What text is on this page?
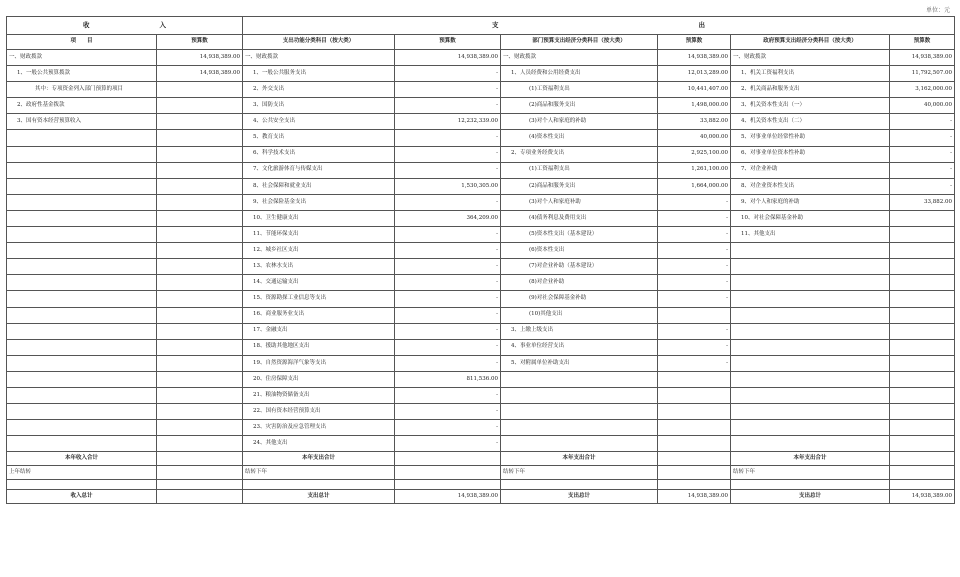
单位：元
收 入		支 出					
项　　目	预算数	支出功能分类科目（按大类）	预算数	部门预算支出经济分类科目（按大类）	预算数	政府预算支出经济分类科目（按大类）	预算数
一、财政拨款	14,938,389.00	一、财政拨款	14,938,389.00	一、财政拨款	14,938,389.00	一、财政拨款	14,938,389.00
1、一般公共预算拨款	14,938,389.00	1、一般公共服务支出	-	1、人员经费和公用经费支出	12,013,289.00	1、机关工资福利支出	11,792,507.00
其中：专项资金列入部门预算的项目		2、外交支出	-	(1)工资福利支出	10,441,407.00	2、机关商品和服务支出	3,162,000.00
2、政府性基金拨款		3、国防支出	-	(2)商品和服务支出	1,498,000.00	3、机关资本性支出（一）	40,000.00
3、国有资本经营预算收入		4、公共安全支出	12,232,339.00	(3)对个人和家庭的补助	33,882.00	4、机关资本性支出（二）	-
		5、教育支出	-	(4)资本性支出	40,000.00	5、对事业单位经常性补助	-
		6、科学技术支出	-	2、专项业务经费支出	2,925,100.00	6、对事业单位资本性补助	-
		7、文化旅游体育与传媒支出	-	(1)工资福利支出	1,261,100.00	7、对企业补助	-
		8、社会保障和就业支出	1,530,305.00	(2)商品和服务支出	1,664,000.00	8、对企业资本性支出	-
		9、社会保险基金支出	-	(3)对个人和家庭补助	-	9、对个人和家庭的补助	33,882.00
		10、卫生健康支出	364,209.00	(4)债务利息及费用支出	-	10、对社会保障基金补助	
		11、节能环保支出	-	(5)资本性支出（基本建设）	-	11、其他支出	
		12、城乡社区支出	-	(6)资本性支出	-		
		13、农林水支出	-	(7)对企业补助（基本建设）	-		
		14、交通运输支出	-	(8)对企业补助	-		
		15、资源勘探工业信息等支出	-	(9)对社会保障基金补助	-		
		16、商业服务业支出	-	(10)其他支出			
		17、金融支出	-	3、上缴上级支出	-		
		18、援助其他地区支出	-	4、事业单位经营支出	-		
		19、自然资源海洋气象等支出	-	5、对附属单位补助支出	-		
		20、住房保障支出	811,536.00				
		21、粮油物资储备支出	-				
		22、国有资本经营预算支出	-				
		23、灾害防治及应急管理支出	-				
		24、其他支出	-				
本年收入合计		本年支出合计		本年支出合计		本年支出合计	
上年结转		结转下年		结转下年		结转下年	

收入总计		支出总计	14,938,389.00	支出总计	14,938,389.00	支出总计	14,938,389.00
